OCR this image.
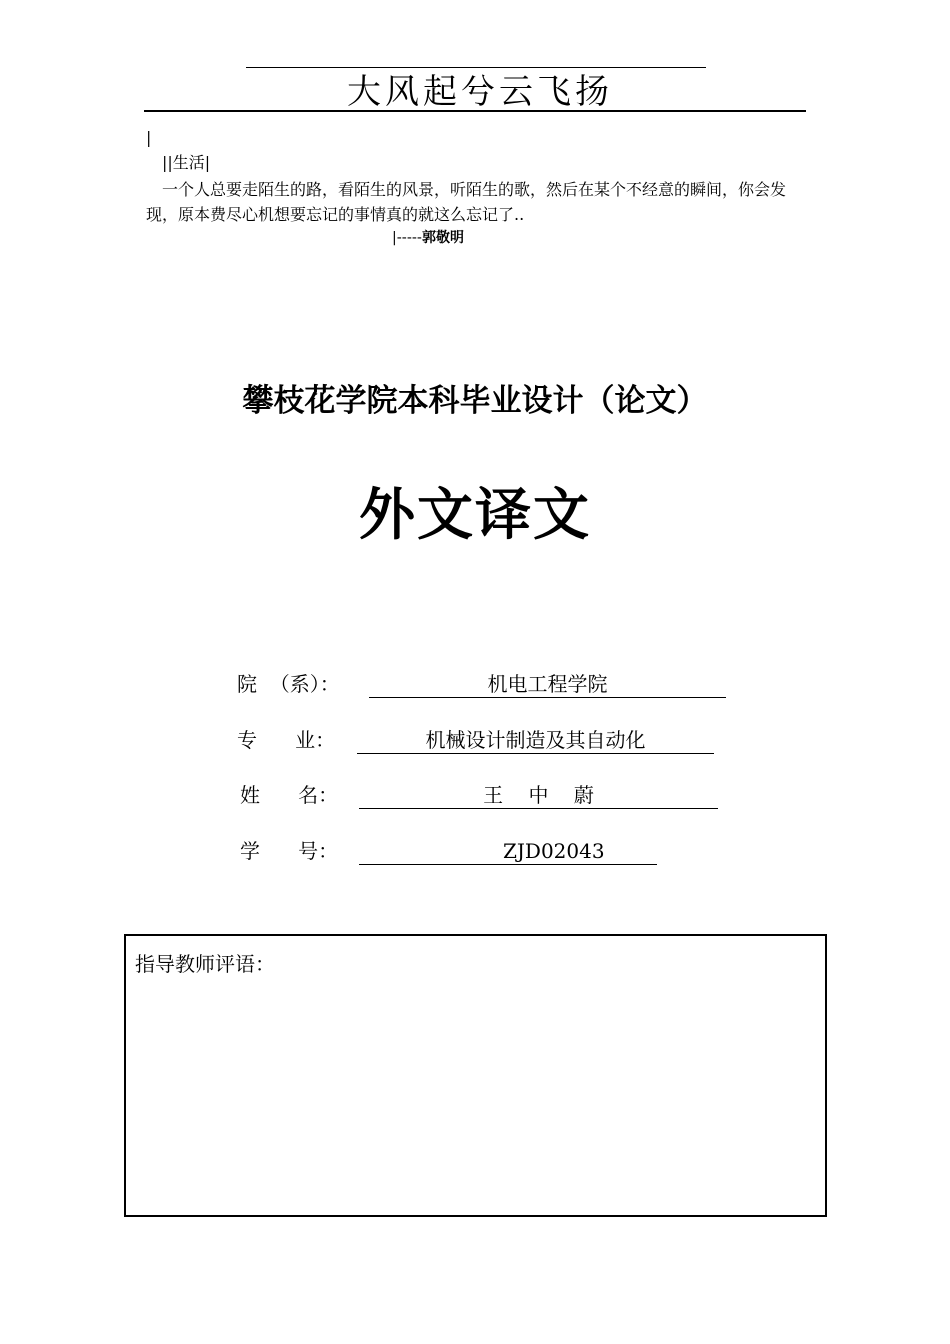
大风起兮云飞扬
|
||生活|
一个人总要走陌生的路，看陌生的风景，听陌生的歌，然后在某个不经意的瞬间，你会发现，原本费尽心机想要忘记的事情真的就这么忘记了..
|-----郭敬明
攀枝花学院本科毕业设计（论文）
外文译文
院  （系）：	机电工程学院
专      业：	机械设计制造及其自动化
姓      名：	王    中    蔚
学      号：	ZJD02043
指导教师评语：
